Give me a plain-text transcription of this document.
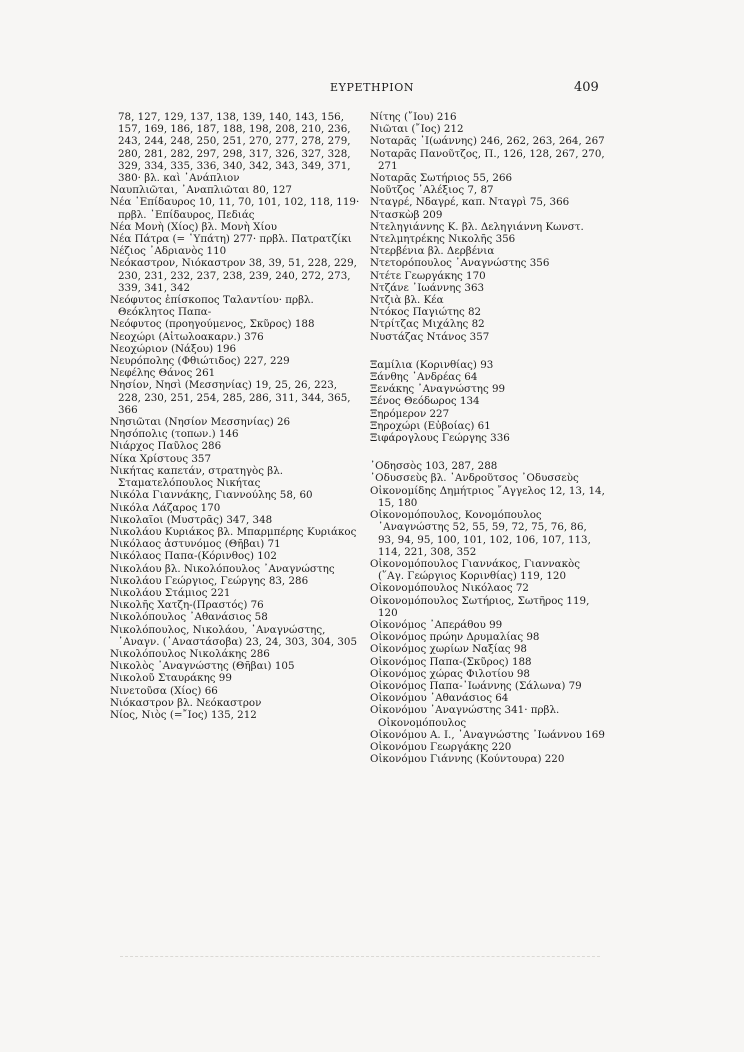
ΕΥΡΕΤΗΡΙΟΝ	409

78, 127, 129, 137, 138, 139, 140, 143, 156, 157, 169, 186, 187, 188, 198, 208, 210, 236, 243, 244, 248, 250, 251, 270, 277, 278, 279, 280, 281, 282, 297, 298, 317, 326, 327, 328, 329, 334, 335, 336, 340, 342, 343, 349, 371, 380· βλ. καὶ ᾿Ανάπλιον

Ναυπλιῶται, ᾿Αναπλιῶται 80, 127

Νέα ᾿Επίδαυρος 10, 11, 70, 101, 102, 118, 119· πρβλ. ᾿Επίδαυρος, Πεδιάς

Νέα Μονὴ (Χίος) βλ. Μονὴ Χίου

Νέα Πάτρα (= ῾Υπάτη) 277· πρβλ. Πατρατζίκι

Νέζιος ᾿Αδριανὸς 110

Νεόκαστρον, Νιόκαστρον 38, 39, 51, 228, 229, 230, 231, 232, 237, 238, 239, 240, 272, 273, 339, 341, 342

Νεόφυτος ἐπίσκοπος Ταλαντίου· πρβλ. Θεόκλητος Παπα-

Νεόφυτος (προηγούμενος, Σκῦρος) 188

Νεοχώρι (Αἰτωλοακαρν.) 376

Νεοχώριον (Νάξου) 196

Νευρόπολης (Φθιώτιδος) 227, 229

Νεφέλης Θάνος 261

Νησίον, Νησὶ (Μεσσηνίας) 19, 25, 26, 223, 228, 230, 251, 254, 285, 286, 311, 344, 365, 366

Νησιῶται (Νησίον Μεσσηνίας) 26

Νησόπολις (τοπων.) 146

Νιάρχος Παῦλος 286

Νίκα Χρίστους 357

Νικήτας καπετάν, στρατηγὸς βλ. Σταματελόπουλος Νικήτας

Νικόλα Γιαννάκης, Γιαννούλης 58, 60

Νικόλα Λάζαρος 170

Νικολαῖοι (Μυστρᾶς) 347, 348

Νικολάου Κυριάκος βλ. Μπαρμπέρης Κυριάκος

Νικόλαος ἀστυνόμος (Θῆβαι) 71

Νικόλαος Παπα-(Κόρινθος) 102

Νικολάου βλ. Νικολόπουλος ᾿Αναγνώστης

Νικολάου Γεώργιος, Γεώργης 83, 286

Νικολάου Στάμιος 221

Νικολῆς Χατζη-(Πραστός) 76

Νικολόπουλος ᾿Αθανάσιος 58

Νικολόπουλος, Νικολάου, ᾿Αναγνώστης, ᾿Αναγν. (᾿Αναστάσοβα) 23, 24, 303, 304, 305

Νικολόπουλος Νικολάκης 286

Νικολὸς ᾿Αναγνώστης (Θῆβαι) 105

Νικολοῦ Σταυράκης 99

Νινετοῦσα (Χίος) 66

Νιόκαστρον βλ. Νεόκαστρον

Νίος, Νιὸς (=῎Ιος) 135, 212

Νίτης (῎Ιου) 216

Νιῶται (῎Ιος) 212

Νοταρᾶς ᾿Ι(ωάννης) 246, 262, 263, 264, 267

Νοταρᾶς Πανοῦτζος, Π., 126, 128, 267, 270, 271

Νοταρᾶς Σωτήριος 55, 266

Νοῦτζος ᾿Αλέξιος 7, 87

Νταγρέ, Νδαγρέ, καπ. Νταγρὶ 75, 366

Ντασκὼβ 209

Ντεληγιάννης Κ. βλ. Δεληγιάννη Κωνστ.

Ντελμητρέκης Νικολῆς 356

Ντερβένια βλ. Δερβένια

Ντετορόπουλος ᾿Αναγνώστης 356

Ντέτε Γεωργάκης 170

Ντζάνε ᾿Ιωάννης 363

Ντζιὰ βλ. Κέα

Ντόκος Παγιώτης 82

Ντρίτζας Μιχάλης 82

Νυστάζας Ντάνος 357

Ξαμίλια (Κορινθίας) 93

Ξάνθης ᾿Ανδρέας 64

Ξενάκης ᾿Αναγνώστης 99

Ξένος Θεόδωρος 134

Ξηρόμερον 227

Ξηροχώρι (Εὐβοίας) 61

Ξιφάρογλους Γεώργης 336

᾿Οδησσὸς 103, 287, 288

᾿Οδυσσεὺς βλ. ᾿Ανδροῦτσος ᾿Οδυσσεὺς

Οἰκονομίδης Δημήτριος ῎Αγγελος 12, 13, 14, 15, 180

Οἰκονομόπουλος, Κονομόπουλος ᾿Αναγνώστης 52, 55, 59, 72, 75, 76, 86, 93, 94, 95, 100, 101, 102, 106, 107, 113, 114, 221, 308, 352

Οἰκονομόπουλος Γιαννάκος, Γιαννακὸς (῞Αγ. Γεώργιος Κορινθίας) 119, 120

Οἰκονομόπουλος Νικόλαος 72

Οἰκονομόπουλος Σωτήριος, Σωτῆρος 119, 120

Οἰκονόμος ᾿Απεράθου 99

Οἰκονόμος πρώην Δρυμαλίας 98

Οἰκονόμος χωρίων Ναξίας 98

Οἰκονόμος Παπα-(Σκῦρος) 188

Οἰκονόμος χώρας Φιλοτίου 98

Οἰκονόμος Παπα-᾿Ιωάννης (Σάλωνα) 79

Οἰκονόμου ᾿Αθανάσιος 64

Οἰκονόμου ᾿Αναγνώστης 341· πρβλ. Οἰκονομόπουλος

Οἰκονόμου Α. Ι., ᾿Αναγνώστης ᾿Ιωάννου 169

Οἰκονόμου Γεωργάκης 220

Οἰκονόμου Γιάννης (Κούντουρα) 220
